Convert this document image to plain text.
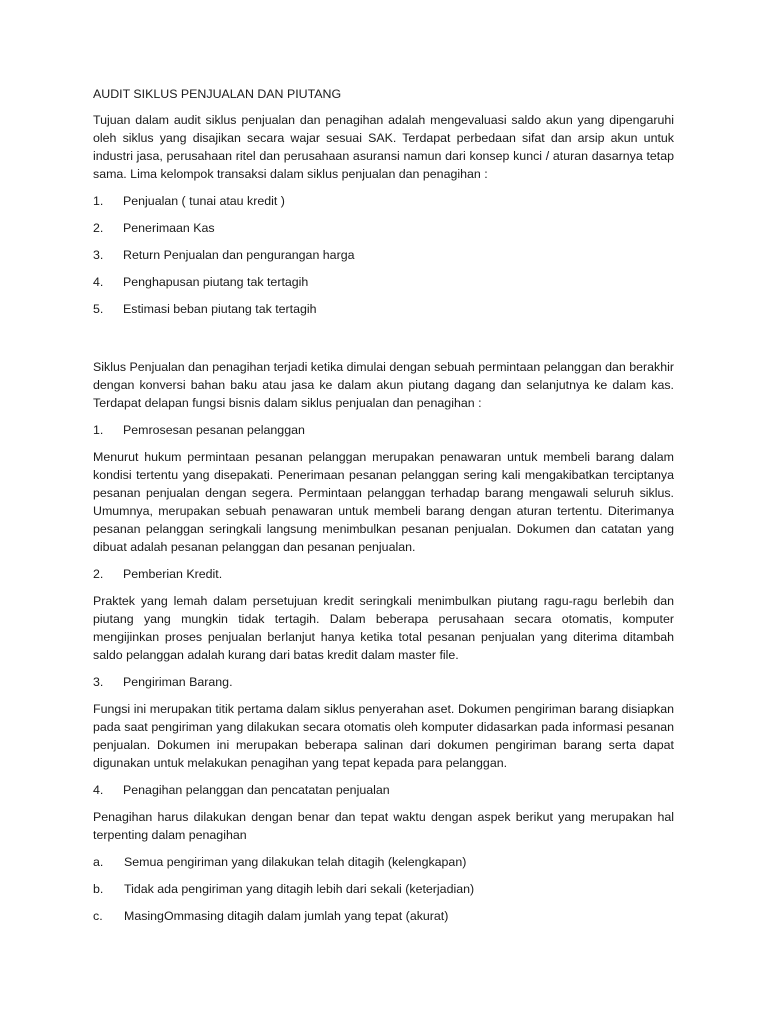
AUDIT SIKLUS PENJUALAN DAN PIUTANG

Tujuan dalam audit siklus penjualan dan penagihan adalah mengevaluasi saldo akun yang dipengaruhi oleh siklus yang disajikan secara wajar sesuai SAK. Terdapat perbedaan sifat dan arsip akun untuk industri jasa, perusahaan ritel dan perusahaan asuransi namun dari konsep kunci / aturan dasarnya tetap sama. Lima kelompok transaksi dalam siklus penjualan dan penagihan :

1.	Penjualan ( tunai atau kredit )
2.	Penerimaan Kas
3.	Return Penjualan dan pengurangan harga
4.	Penghapusan piutang tak tertagih
5.	Estimasi beban piutang tak tertagih

Siklus Penjualan dan penagihan terjadi ketika dimulai dengan sebuah permintaan pelanggan dan berakhir dengan konversi bahan baku atau jasa ke dalam akun piutang dagang dan selanjutnya ke dalam kas. Terdapat delapan fungsi bisnis dalam siklus penjualan dan penagihan :

1.	Pemrosesan pesanan pelanggan

Menurut hukum permintaan pesanan pelanggan merupakan penawaran untuk membeli barang dalam kondisi tertentu yang disepakati. Penerimaan pesanan pelanggan sering kali mengakibatkan terciptanya pesanan penjualan dengan segera. Permintaan pelanggan terhadap barang mengawali seluruh siklus. Umumnya, merupakan sebuah penawaran untuk membeli barang dengan aturan tertentu. Diterimanya pesanan pelanggan seringkali langsung menimbulkan pesanan penjualan. Dokumen dan catatan yang dibuat adalah pesanan pelanggan dan pesanan penjualan.

2.	Pemberian Kredit.

Praktek yang lemah dalam persetujuan kredit seringkali menimbulkan piutang ragu-ragu berlebih dan piutang yang mungkin tidak tertagih. Dalam beberapa perusahaan secara otomatis, komputer mengijinkan proses penjualan berlanjut hanya ketika total pesanan penjualan yang diterima ditambah saldo pelanggan adalah kurang dari batas kredit dalam master file.

3.	Pengiriman Barang.

Fungsi ini merupakan titik pertama dalam siklus penyerahan aset. Dokumen pengiriman barang disiapkan pada saat pengiriman yang dilakukan secara otomatis oleh komputer didasarkan pada informasi pesanan penjualan. Dokumen ini merupakan beberapa salinan dari dokumen pengiriman barang serta dapat digunakan untuk melakukan penagihan yang tepat kepada para pelanggan.

4.	Penagihan pelanggan dan pencatatan penjualan

Penagihan harus dilakukan dengan benar dan tepat waktu dengan aspek berikut yang merupakan hal terpenting dalam penagihan

a.	Semua pengiriman yang dilakukan telah ditagih (kelengkapan)
b.	Tidak ada pengiriman yang ditagih lebih dari sekali (keterjadian)
c.	MasingOmmasing ditagih dalam jumlah yang tepat (akurat)
